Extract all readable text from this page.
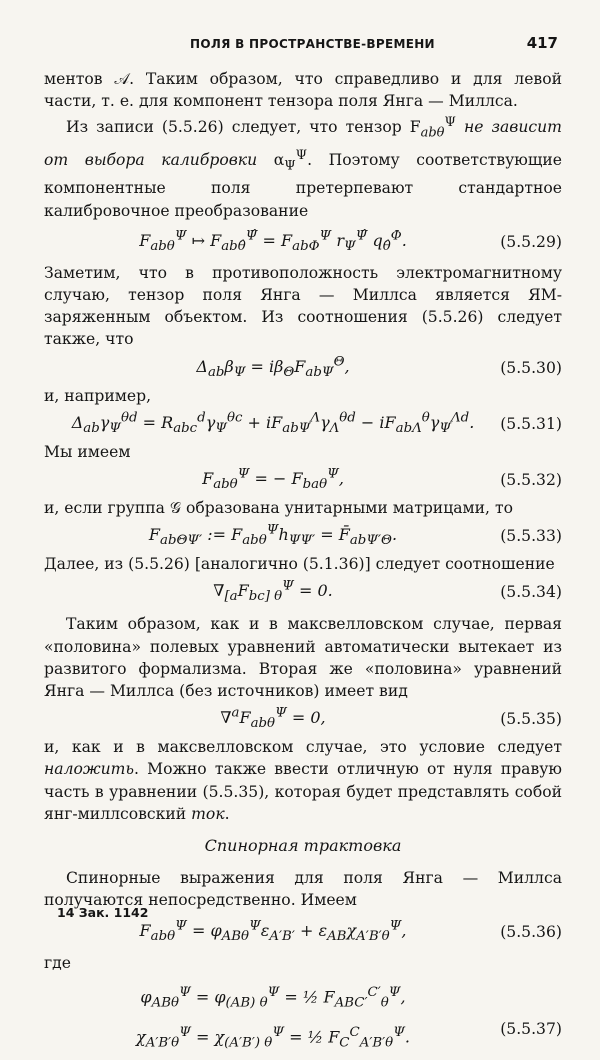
ПОЛЯ В ПРОСТРАНСТВЕ-ВРЕМЕНИ	417

ментов 𝒜. Таким образом, что справедливо и для левой части, т. е. для компонент тензора поля Янга — Миллса.

Из записи (5.5.26) следует, что тензор $F_{ab\theta}^\Psi$ не зависит от выбора калибровки $\alpha_\Psi^\Psi$. Поэтому соответствующие компонентные поля претерпевают стандартное калибровочное преобразование

$F_{ab\theta}^\Psi$ ↦ $F_{ab\thetâ}^{\Psî} = F_{ab\Phi}^\Psi$ $r_\Psi^{\Psî}$ $q_{\thetâ}^\Phi$.	(5.5.29)

Заметим, что в противоположность электромагнитному случаю, тензор поля Янга — Миллса является ЯМ-заряженным объектом. Из соотношения (5.5.26) следует также, что

$\Delta_{ab}\beta_\Psi = i\beta_\Theta F_{ab\Psi}^\Theta$,	(5.5.30)

и, например,

$\Delta_{ab}\gamma_\Psi^{\theta d} = R_{abc}^d\gamma_\Psi^{\theta c} + iF_{ab\Psi}^\Lambda\gamma_\Lambda^{\theta d} - iF_{ab\Lambda}^\theta\gamma_\Psi^{\Lambda d}$.	(5.5.31)

Мы имеем

$F_{ab\theta}^\Psi$ = − $F_{ba\theta}^\Psi$,	(5.5.32)

и, если группа 𝒢 образована унитарными матрицами, то

$F_{ab\Theta\Psi'}$ := $F_{ab\theta}^\Psi h_{\Psi\Psi'}$ = $F̄_{ab\Psi'\Theta}$.	(5.5.33)

Далее, из (5.5.26) [аналогично (5.1.36)] следует соотношение

$\nabla_{[a}F_{bc] \theta}^\Psi = 0$.	(5.5.34)

Таким образом, как и в максвелловском случае, первая «половина» полевых уравнений автоматически вытекает из развитого формализма. Вторая же «половина» уравнений Янга — Миллса (без источников) имеет вид

$\nabla^aF_{ab\theta}^\Psi = 0$,	(5.5.35)

и, как и в максвелловском случае, это условие следует наложить. Можно также ввести отличную от нуля правую часть в уравнении (5.5.35), которая будет представлять собой янг-миллсовский ток.

Спинорная трактовка

Спинорные выражения для поля Янга — Миллса получаются непосредственно. Имеем

$F_{ab\theta}^\Psi = \varphi_{AB\theta}^\Psi\varepsilon_{A'B'} + \varepsilon_{AB}\chi_{A'B'\theta}^\Psi$,	(5.5.36)

где

$\varphi_{AB\theta}^\Psi = \varphi_{(AB) \theta}^\Psi$ = ½ $F_{ABC'}^{C'}_\theta^\Psi$,
$\chi_{A'B'\theta}^\Psi = \chi_{(A'B') \theta}^\Psi$ = ½ $F_C^C_{A'B'\theta}^\Psi$.	(5.5.37)
14 Зак. 1142
